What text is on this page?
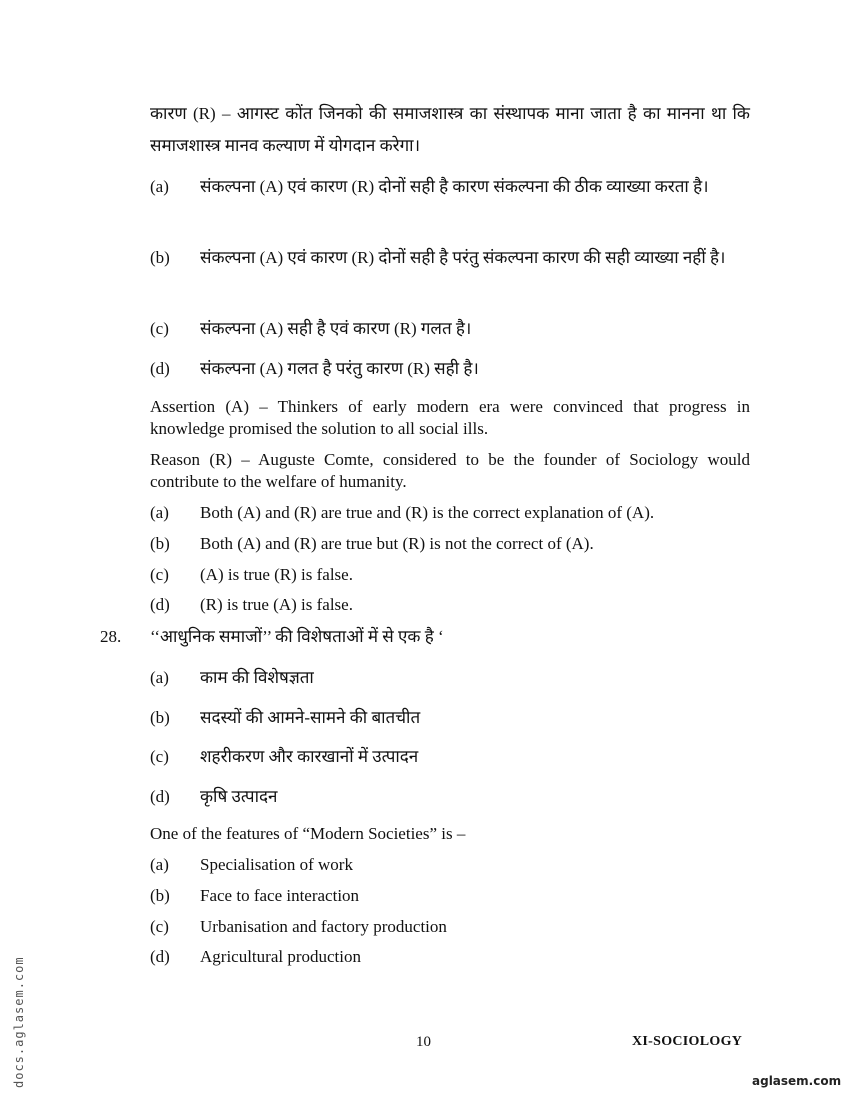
कारण (R) – आगस्ट कोंत जिनको की समाजशास्त्र का संस्थापक माना जाता है का मानना था कि समाजशास्त्र मानव कल्याण में योगदान करेगा।
(a) संकल्पना (A) एवं कारण (R) दोनों सही है कारण संकल्पना की ठीक व्याख्या करता है।
(b) संकल्पना (A) एवं कारण (R) दोनों सही है परंतु संकल्पना कारण की सही व्याख्या नहीं है।
(c) संकल्पना (A) सही है एवं कारण (R) गलत है।
(d) संकल्पना (A) गलत है परंतु कारण (R) सही है।
Assertion (A) – Thinkers of early modern era were convinced that progress in knowledge promised the solution to all social ills.
Reason (R) – Auguste Comte, considered to be the founder of Sociology would contribute to the welfare of humanity.
(a) Both (A) and (R) are true and (R) is the correct explanation of (A).
(b) Both (A) and (R) are true but (R) is not the correct of (A).
(c) (A) is true (R) is false.
(d) (R) is true (A) is false.
28. ‘‘आधुनिक समाजों’’ की विशेषताओं में से एक है ‘
(a) काम की विशेषज्ञता
(b) सदस्यों की आमने-सामने की बातचीत
(c) शहरीकरण और कारखानों में उत्पादन
(d) कृषि उत्पादन
One of the features of “Modern Societies” is –
(a) Specialisation of work
(b) Face to face interaction
(c) Urbanisation and factory production
(d) Agricultural production
10	XI-SOCIOLOGY
docs.aglasem.com	aglasem.com
